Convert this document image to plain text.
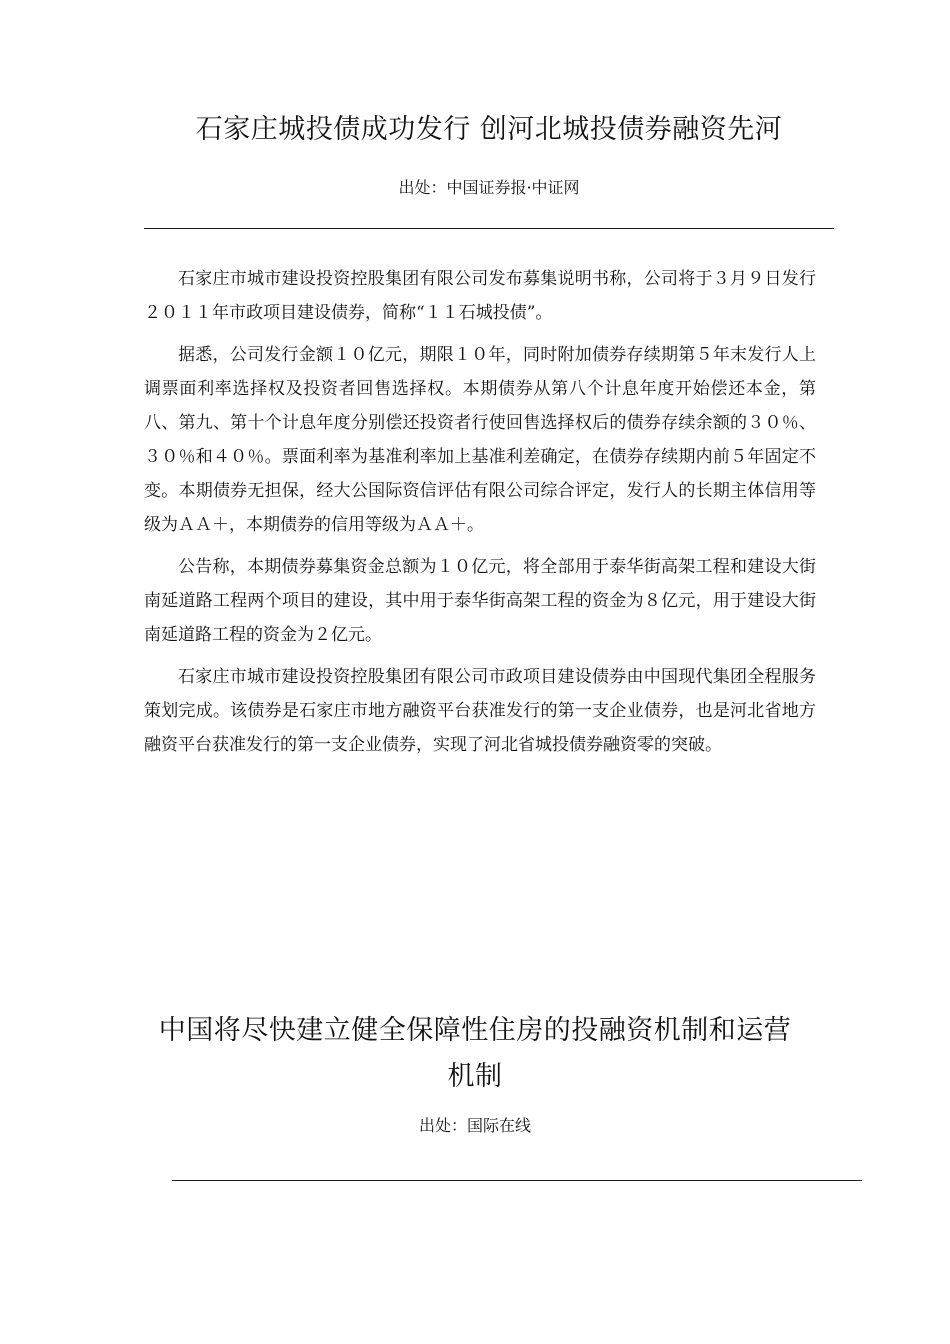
石家庄城投债成功发行 创河北城投债券融资先河

出处：中国证券报·中证网

石家庄市城市建设投资控股集团有限公司发布募集说明书称，公司将于３月９日发行２０１１年市政项目建设债券，简称“１１石城投债”。

据悉，公司发行金额１０亿元，期限１０年，同时附加债券存续期第５年末发行人上调票面利率选择权及投资者回售选择权。本期债券从第八个计息年度开始偿还本金，第八、第九、第十个计息年度分别偿还投资者行使回售选择权后的债券存续余额的３０％、３０％和４０％。票面利率为基准利率加上基准利差确定，在债券存续期内前５年固定不变。本期债券无担保，经大公国际资信评估有限公司综合评定，发行人的长期主体信用等级为ＡＡ＋，本期债券的信用等级为ＡＡ＋。

公告称，本期债券募集资金总额为１０亿元，将全部用于泰华街高架工程和建设大街南延道路工程两个项目的建设，其中用于泰华街高架工程的资金为８亿元，用于建设大街南延道路工程的资金为２亿元。

石家庄市城市建设投资控股集团有限公司市政项目建设债券由中国现代集团全程服务策划完成。该债券是石家庄市地方融资平台获准发行的第一支企业债券，也是河北省地方融资平台获准发行的第一支企业债券，实现了河北省城投债券融资零的突破。

中国将尽快建立健全保障性住房的投融资机制和运营机制

出处：国际在线
